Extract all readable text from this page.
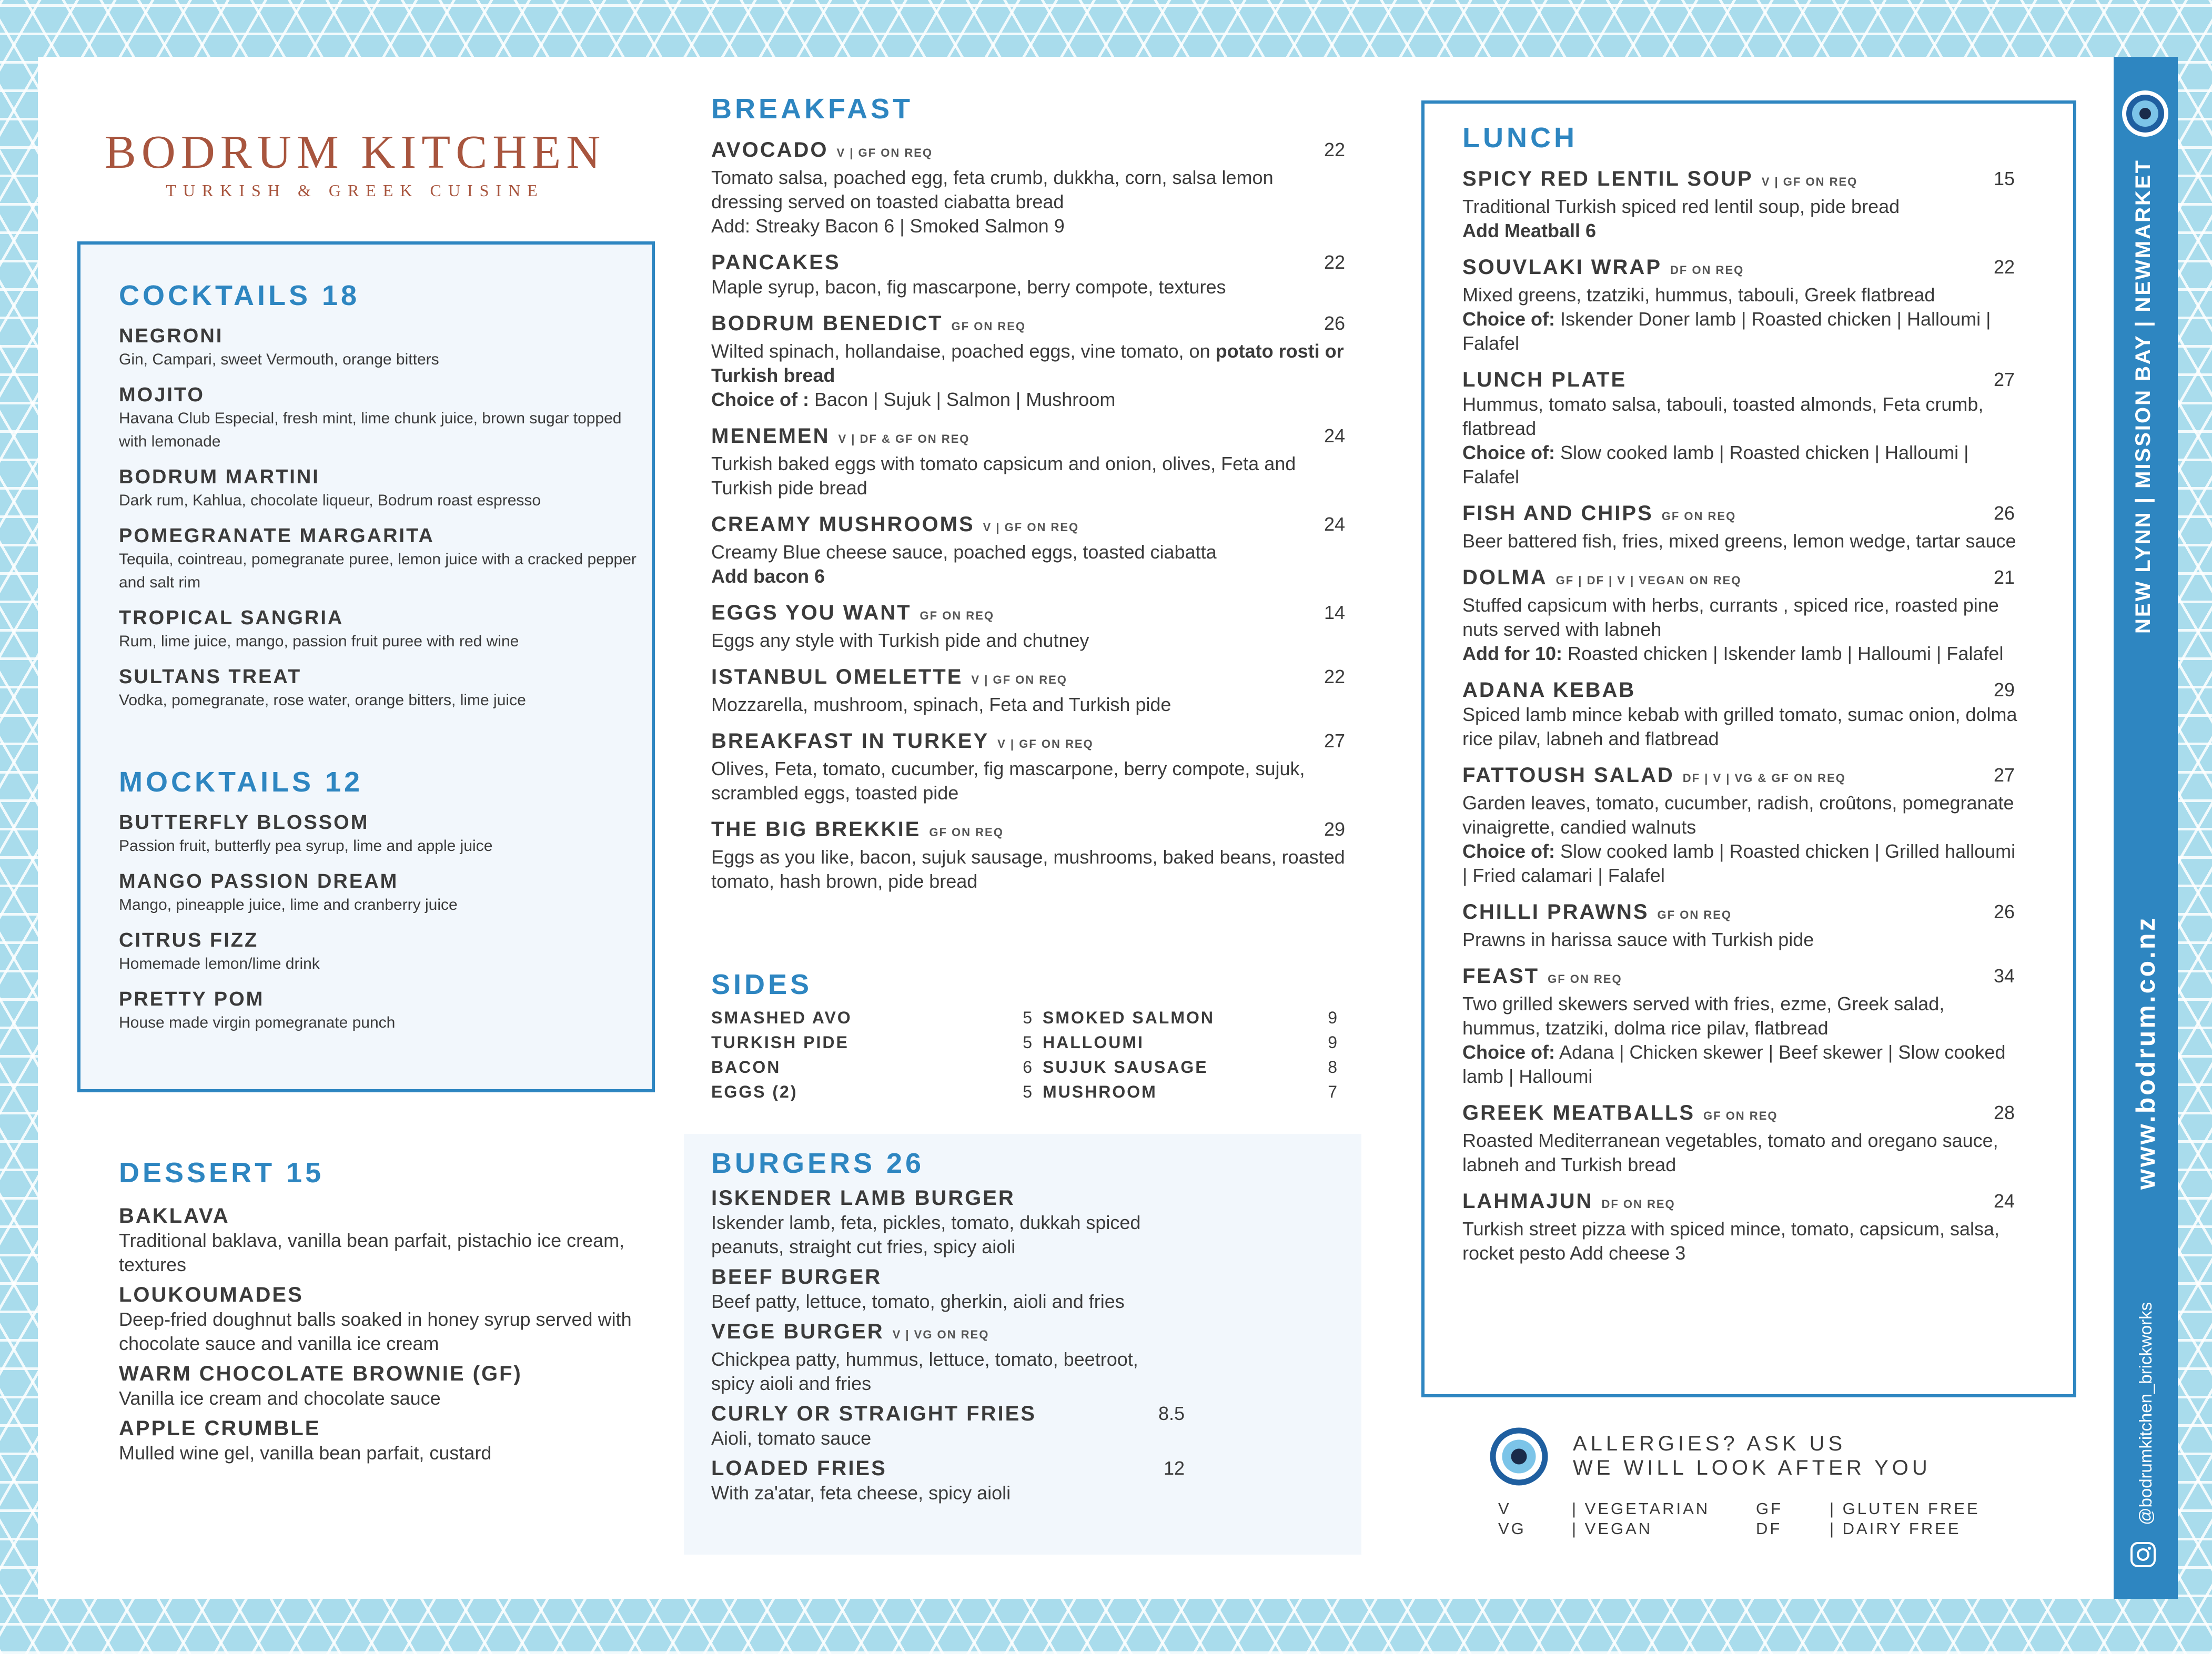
BODRUM KITCHEN
TURKISH & GREEK CUISINE
COCKTAILS 18
NEGRONI
Gin, Campari, sweet Vermouth, orange bitters
MOJITO
Havana Club Especial, fresh mint, lime chunk juice, brown sugar topped with lemonade
BODRUM MARTINI
Dark rum, Kahlua, chocolate liqueur, Bodrum roast espresso
POMEGRANATE MARGARITA
Tequila, cointreau, pomegranate puree, lemon juice with a cracked pepper and salt rim
TROPICAL SANGRIA
Rum, lime juice, mango, passion fruit puree with red wine
SULTANS TREAT
Vodka, pomegranate, rose water, orange bitters, lime juice
MOCKTAILS 12
BUTTERFLY BLOSSOM
Passion fruit, butterfly pea syrup, lime and apple juice
MANGO PASSION DREAM
Mango, pineapple juice, lime and cranberry juice
CITRUS FIZZ
Homemade lemon/lime drink
PRETTY POM
House made virgin pomegranate punch
DESSERT 15
BAKLAVA
Traditional baklava, vanilla bean parfait, pistachio ice cream, textures
LOUKOUMADES
Deep-fried doughnut balls soaked in honey syrup served with chocolate sauce and vanilla ice cream
WARM CHOCOLATE BROWNIE (GF)
Vanilla ice cream and chocolate sauce
APPLE CRUMBLE
Mulled wine gel, vanilla bean parfait, custard
BREAKFAST
AVOCADO V | GF ON REQ	22
Tomato salsa, poached egg, feta crumb, dukkha, corn, salsa lemon dressing served on toasted ciabatta bread
Add: Streaky Bacon 6 | Smoked Salmon 9
PANCAKES	22
Maple syrup, bacon, fig mascarpone, berry compote, textures
BODRUM BENEDICT GF ON REQ	26
Wilted spinach, hollandaise, poached eggs, vine tomato, on potato rosti or Turkish bread
Choice of : Bacon | Sujuk | Salmon | Mushroom
MENEMEN V | DF & GF ON REQ	24
Turkish baked eggs with tomato capsicum and onion, olives, Feta and Turkish pide bread
CREAMY MUSHROOMS V | GF ON REQ	24
Creamy Blue cheese sauce, poached eggs, toasted ciabatta
Add bacon 6
EGGS YOU WANT GF ON REQ	14
Eggs any style with Turkish pide and chutney
ISTANBUL OMELETTE V | GF ON REQ	22
Mozzarella, mushroom, spinach, Feta and Turkish pide
BREAKFAST IN TURKEY V | GF ON REQ	27
Olives, Feta, tomato, cucumber, fig mascarpone, berry compote, sujuk, scrambled eggs, toasted pide
THE BIG BREKKIE GF ON REQ	29
Eggs as you like, bacon, sujuk sausage, mushrooms, baked beans, roasted tomato, hash brown, pide bread
SIDES
SMASHED AVO	5 SMOKED SALMON	9
TURKISH PIDE	5 HALLOUMI	9
BACON	6 SUJUK SAUSAGE	8
EGGS (2)	5 MUSHROOM	7
BURGERS 26
ISKENDER LAMB BURGER
Iskender lamb, feta, pickles, tomato, dukkah spiced peanuts, straight cut fries, spicy aioli
BEEF BURGER
Beef patty, lettuce, tomato, gherkin, aioli and fries
VEGE BURGER V | VG ON REQ
Chickpea patty, hummus, lettuce, tomato, beetroot, spicy aioli and fries
CURLY OR STRAIGHT FRIES	8.5
Aioli, tomato sauce
LOADED FRIES	12
With za'atar, feta cheese, spicy aioli
LUNCH
SPICY RED LENTIL SOUP V | GF ON REQ	15
Traditional Turkish spiced red lentil soup, pide bread
Add Meatball 6
SOUVLAKI WRAP DF ON REQ	22
Mixed greens, tzatziki, hummus, tabouli, Greek flatbread
Choice of: Iskender Doner lamb | Roasted chicken | Halloumi | Falafel
LUNCH PLATE	27
Hummus, tomato salsa, tabouli, toasted almonds, Feta crumb, flatbread
Choice of: Slow cooked lamb | Roasted chicken | Halloumi | Falafel
FISH AND CHIPS GF ON REQ	26
Beer battered fish, fries, mixed greens, lemon wedge, tartar sauce
DOLMA GF | DF | V | VEGAN ON REQ	21
Stuffed capsicum with herbs, currants , spiced rice, roasted pine nuts served with labneh
Add for 10: Roasted chicken | Iskender lamb | Halloumi | Falafel
ADANA KEBAB	29
Spiced lamb mince kebab with grilled tomato, sumac onion, dolma rice pilav, labneh and flatbread
FATTOUSH SALAD DF | V | VG & GF ON REQ	27
Garden leaves, tomato, cucumber, radish, croûtons, pomegranate vinaigrette, candied walnuts
Choice of: Slow cooked lamb | Roasted chicken | Grilled halloumi | Fried calamari | Falafel
CHILLI PRAWNS GF ON REQ	26
Prawns in harissa sauce with Turkish pide
FEAST GF ON REQ	34
Two grilled skewers served with fries, ezme, Greek salad, hummus, tzatziki, dolma rice pilav, flatbread
Choice of: Adana | Chicken skewer | Beef skewer | Slow cooked lamb | Halloumi
GREEK MEATBALLS GF ON REQ	28
Roasted Mediterranean vegetables, tomato and oregano sauce, labneh and Turkish bread
LAHMAJUN DF ON REQ	24
Turkish street pizza with spiced mince, tomato, capsicum, salsa, rocket pesto Add cheese 3
ALLERGIES? ASK US
WE WILL LOOK AFTER YOU
V	| VEGETARIAN	GF	| GLUTEN FREE
VG	| VEGAN	DF	| DAIRY FREE
NEW LYNN | MISSION BAY | NEWMARKET
www.bodrum.co.nz
@bodrumkitchen_brickworks
